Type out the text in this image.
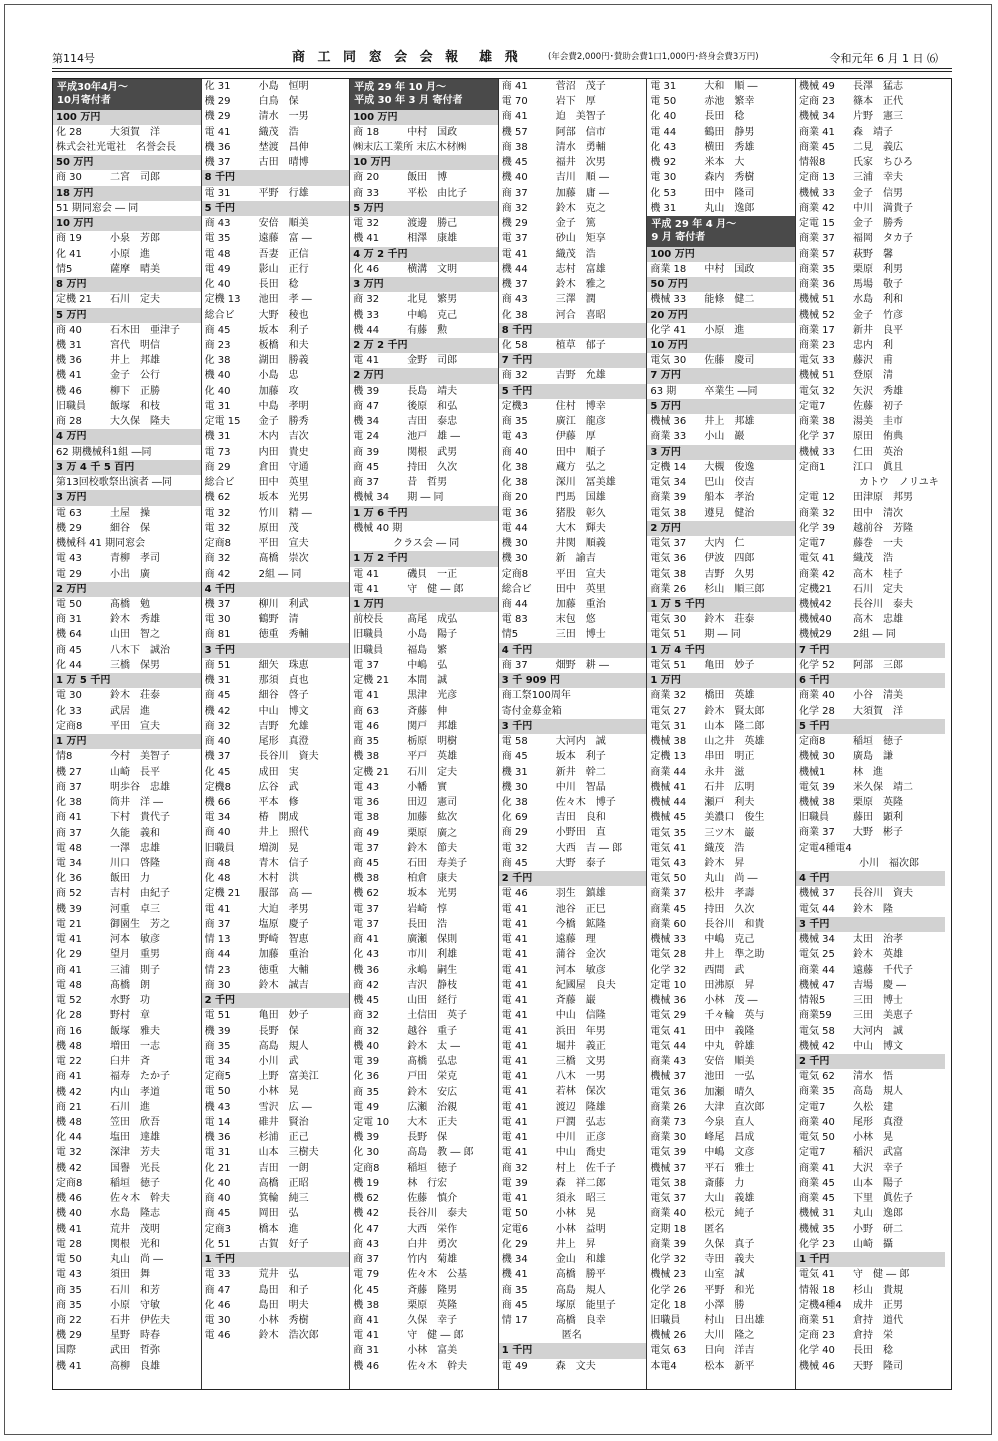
第114号	商 工 同 窓 会 会 報　雄 飛	(年会費2,000円･賛助会費1口1,000円･終身会費3万円)	令和元年 6 月 1 日 ⑹
平成30年4月〜
10月寄付者
100 万円
化 28	大須賀　洋
株式会社光電社　名誉会長
50 万円
商 30	二宮　司郎
18 万円
51 期同窓会 ― 同
10 万円
商 19	小泉　芳郎
化 41	小原　進
情5	薩摩　晴美
8 万円
定機 21	石川　定夫
5 万円
商 40	石木田　亜津子
機 31	宮代　明信
機 36	井上　邦雄
機 41	金子　公行
機 46	柳下　正勝
旧職員	飯塚　和枝
商 28	大久保　隆夫
4 万円
62 期機械科1組 ―同
3 万 4 千 5 百円
第13回校歌祭出演者 ―同
3 万円
電 63	土屋　操
機 29	細谷　保
機械科 41 期同窓会
電 43	青柳　孝司
電 29	小出　廣
2 万円
電 50	髙橋　勉
商 31	鈴木　秀雄
機 64	山田　智之
商 45	八木下　誠治
化 44	三橋　保男
1 万 5 千円
電 30	鈴木　荘泰
化 33	武居　進
定商8	平田　宣夫
1 万円
情8	今村　美智子
機 27	山崎　長平
商 37	明歩谷　忠雄
化 38	筒井　洋 ―
商 41	下村　貴代子
商 37	久能　義和
電 48	一澤　忠雄
電 34	川口　啓隆
化 36	飯田　力
商 52	吉村　由紀子
機 39	河重　卓三
電 21	御園生　芳之
電 41	河本　敏彦
化 29	望月　重男
商 41	三浦　則子
電 48	髙橋　朗
電 52	水野　功
化 28	野村　章
商 16	飯塚　雅夫
機 48	増田　一志
電 22	臼井　斉
商 41	福寿　たか子
機 42	内山　孝道
商 21	石川　進
機 48	笠田　欣吾
化 44	塩田　達雄
電 32	深津　芳夫
機 42	国譽　光長
定商8	稲垣　徳子
機 46	佐々木　幹夫
機 40	水島　隆志
機 41	荒井　茂明
電 28	関根　光和
電 50	丸山　尚 ―
電 43	須田　舞
商 35	石川　和芳
商 35	小原　守敏
商 22	石井　伊佐夫
機 29	星野　時春
国際	武田　哲弥
機 41	高柳　良雄
化 31	小島　恒明
機 29	白鳥　保
機 29	清水　一男
電 41	織茂　浩
機 36	埜渡　昌伸
機 37	古田　晴博
8 千円
電 31	平野　行雄
5 千円
商 43	安倍　順美
電 35	遠藤　富 ―
電 48	吾妻　正信
電 49	影山　正行
化 40	長田　稔
定機 13	池田　孝 ―
総合ビ	大野　稜也
商 45	坂本　利子
商 23	板橋　和夫
化 38	湖田　勝義
機 40	小島　忠
化 40	加藤　攻
電 31	中島　孝明
定電 15	金子　勝秀
機 31	木内　吉次
電 73	内田　貴史
商 29	倉田　守通
総合ビ	田中　英里
機 62	坂本　光男
電 32	竹川　精 ―
電 32	原田　茂
定商8	平田　宣夫
商 32	髙橋　崇次
商 42	2組 ― 同
4 千円
機 37	柳川　利武
電 30	鶴野　清
商 81	徳重　秀輔
3 千円
商 51	細矢　珠恵
機 31	那須　貞也
商 45	細谷　啓子
機 42	中山　博文
商 32	吉野　允雄
商 40	尾形　真澄
機 37	長谷川　資夫
化 45	成田　実
定機8	広谷　武
機 66	平本　修
電 34	椿　開成
商 40	井上　照代
旧職員	増渕　晃
商 48	青木　信子
化 48	木村　洪
定機 21	服部　高 ―
電 41	大迫　孝男
商 37	塩原　慶子
情 13	野崎　智恵
商 44	加藤　重治
情 23	徳重　大輔
商 30	鈴木　誠吉
2 千円
電 51	亀田　妙子
機 39	長野　保
商 35	高島　規人
電 34	小川　武
定商5	上野　富美江
電 50	小林　晃
機 43	雪沢　広 ―
電 14	碓井　賢治
機 36	杉浦　正己
電 31	山本　三樹夫
化 21	吉田　一朗
化 40	高橋　正昭
商 40	箕輪　純三
商 45	岡田　弘
定商3	橋本　進
化 51	古賀　好子
1 千円
電 33	荒井　弘
商 47	島田　和子
化 46	島田　明夫
電 30	小林　秀樹
電 46	鈴木　浩次郎
平成 29 年 10 月〜
平成 30 年 3 月 寄付者
100 万円
商 18	中村　国政
㈱末広工業所 末広木材㈱
10 万円
商 20	飯田　博
商 33	平松　由比子
5 万円
電 32	渡邊　勝己
機 41	相澤　康雄
4 万 2 千円
化 46	横溝　文明
3 万円
商 32	北見　繁男
機 33	中嶋　克己
機 44	有藤　勲
2 万 2 千円
電 41	金野　司郎
2 万円
機 39	長島　靖夫
商 47	後原　和弘
機 34	吉田　泰忠
電 24	池戸　雄 ―
商 39	関根　武男
商 45	持田　久次
商 37	昔　哲男
機械 34	期 ― 同
1 万 6 千円
機械 40 期
　　　　クラス会 ― 同
1 万 2 千円
電 41	磯貝　一正
電 41	守　健 ― 郎
1 万円
前校長	髙尾　成弘
旧職員	小島　陽子
旧職員	福島　繁
電 37	中嶋　弘
定機 21	本間　誠
電 41	黒津　光彦
商 63	斉藤　伸
電 46	関戸　邦雄
商 35	栃原　明樹
機 38	平戸　英雄
定機 21	石川　定夫
電 43	小幡　實
電 36	田辺　憲司
電 38	加藤　紘次
商 49	栗原　廣之
電 37	鈴木　節夫
商 45	石田　寿美子
機 38	柏倉　康夫
機 62	坂本　光男
電 37	岩崎　惇
電 37	長田　浩
商 41	廣瀬　保則
化 43	市川　利雄
機 36	永嶋　嗣生
商 42	吉沢　静枝
機 45	山田　経行
商 32	土信田　英子
商 32	越谷　重子
機 40	鈴木　太 ―
電 39	髙橋　弘忠
化 36	戸田　栄克
商 35	鈴木　安広
電 49	広瀬　治親
定電 10	大木　正夫
機 39	長野　保
化 30	高島　教 ― 郎
定商8	稲垣　徳子
機 19	林　行宏
機 62	佐藤　慎介
機 42	長谷川　泰夫
化 47	大西　栄作
商 43	白井　勇次
商 37	竹内　菊雄
電 79	佐々木　公基
化 45	斉藤　隆男
機 38	栗原　英隆
商 41	久保　幸子
電 41	守　健 ― 郎
商 31	小林　富美
機 46	佐々木　幹夫
商 41	菅沼　茂子
電 70	岩下　厚
商 41	迫　美智子
機 57	阿部　信市
商 38	清水　勇輔
機 45	福井　次男
機 40	吉川　順 ―
商 37	加藤　庸 ―
商 32	鈴木　克之
機 29	金子　篤
電 37	砂山　矩享
電 41	織茂　浩
機 44	志村　富雄
機 37	鈴木　雅之
商 43	三澤　潤
化 38	河合　喜昭
8 千円
化 58	植草　郁子
7 千円
商 32	吉野　允雄
5 千円
定機3	住村　博幸
商 35	廣江　龍彦
電 43	伊藤　厚
商 40	田中　順子
化 38	蔵方　弘之
化 38	深川　冨美雄
商 20	門馬　国雄
電 36	猪股　彰久
電 44	大木　輝夫
機 30	井関　順義
機 30	新　諭吉
定商8	平田　宣夫
総合ビ	田中　英里
商 44	加藤　重治
電 83	末包　悠
情5	三田　博士
4 千円
商 37	畑野　耕 ―
3 千 909 円
商工祭100周年
寄付金募金箱
3 千円
電 58	大河内　誠
商 45	坂本　利子
機 31	新井　幹二
機 30	中川　智晶
化 38	佐々木　博子
化 69	吉田　良和
商 29	小野田　直
電 32	大西　吉 ― 郎
商 45	大野　泰子
2 千円
電 46	羽生　鎮雄
電 41	池谷　正巳
電 41	今橋　鉱隆
電 41	遠藤　理
電 41	蒲谷　金次
電 41	河本　敏彦
電 41	紀國屋　良夫
電 41	斉藤　巌
電 41	中山　信隆
電 41	浜田　年男
電 41	堀井　義正
電 41	三橋　文男
電 41	八木　一男
電 41	若林　保次
電 41	渡辺　隆雄
電 41	戸潤　弘志
電 41	中川　正彦
電 41	中山　喬史
商 32	村上　佐千子
電 39	森　祥二郎
電 41	須永　昭三
電 50	小林　晃
定電6	小林　益明
化 29	井上　昇
機 34	金山　和雄
機 41	高橋　勝平
商 35	高島　規人
商 45	塚原　能里子
情 17	高橋　良幸
　　　　　　匿名
1 千円
電 49	森　文夫
電 31	大和　順 ―
電 50	赤池　繁幸
化 40	長田　稔
電 44	鶴田　静男
化 43	横田　秀雄
機 92	米本　大
電 30	森内　秀樹
化 53	田中　隆司
機 31	丸山　逸郎
平成 29 年 4 月〜
9 月 寄付者
100 万円
商業 18	中村　国政
50 万円
機械 33	能條　健二
20 万円
化学 41	小原　進
10 万円
電気 30	佐藤　慶司
7 万円
63 期	卒業生 ―同
5 万円
機械 36	井上　邦雄
商業 33	小山　巖
3 万円
定機 14	大槻　俊逸
電気 34	巴山　佼吉
商業 39	船本　孝治
電気 38	遵見　健治
2 万円
電気 37	大内　仁
電気 36	伊波　四郎
電気 38	吉野　久男
商業 26	杉山　順三郎
1 万 5 千円
電気 30	鈴木　荘泰
電気 51	期 ― 同
1 万 4 千円
電気 51	亀田　妙子
1 万円
商業 32	橋田　英雄
電気 27	鈴木　賢太郎
電気 31	山本　隆二郎
機械 38	山之井　英雄
定機 13	串田　明正
商業 44	永井　滋
機械 41	石井　広明
機械 44	瀬戸　利夫
機械 45	美濃口　俊生
電気 35	三ツ木　巌
電気 41	織茂　浩
電気 43	鈴木　昇
電気 50	丸山　尚 ―
商業 37	松井　孝壽
商業 45	持田　久次
商業 60	長谷川　和貴
機械 33	中嶋　克己
電気 28	井上　準之助
化学 32	西間　武
定電 10	田沸原　昇
機械 36	小林　茂 ―
電気 29	千々輪　英与
電気 41	田中　義隆
電気 44	中丸　幹雄
商業 43	安倍　順美
機械 37	池田　一弘
電気 36	加瀬　晴久
商業 26	大津　直次郎
商業 73	今泉　直人
商業 30	峰尾　昌成
電気 39	中嶋　文彦
機械 37	平石　雅士
電気 38	斎藤　力
電気 37	大山　義雄
商業 40	松元　純子
定期 18	匿名
商業 39	久保　真子
化学 32	寺田　義夫
機械 23	山室　誠
化学 26	平野　和光
定化 18	小澤　勝
旧職員	村山　日出雄
機械 26	大川　隆之
電気 63	日向　洋吉
本電4	松本　新平
機械 49	長澤　猛志
定商 23	篠本　正代
機械 34	片野　憲三
商業 41	森　靖子
商業 45	二見　義広
情報8	氏家　ちひろ
定商 13	三浦　幸夫
機械 33	金子　信男
商業 42	中川　満貴子
定電 15	金子　勝秀
商業 37	福岡　タカ子
商業 57	萩野　馨
商業 35	栗原　利男
商業 36	馬場　敬子
機械 51	水島　利和
機械 52	金子　竹彦
商業 17	新井　良平
商業 23	忠内　利
電気 33	藤沢　甫
機械 51	登原　清
電気 32	矢沢　秀雄
定電7	佐藤　初子
商業 38	湯美　圭市
化学 37	原田　侑典
機械 33	仁田　英治
定商1	江口　眞且
　　　　　　カトウ　ノリユキ
定電 12	田津原　邦男
商業 32	田中　清次
化学 39	越前谷　芳隆
定電7	藤巻　一夫
電気 41	織茂　浩
商業 42	高木　桂子
定機21	石川　定夫
機械42	長谷川　泰夫
機械40	高木　忠雄
機械29	2組 ― 同
7 千円
化学 52	阿部　三郎
6 千円
商業 40	小谷　清美
化学 28	大須賀　洋
5 千円
定商8	稲垣　徳子
機械 30	廣島　謙
機械1	林　進
電気 39	米久保　靖二
機械 38	栗原　英隆
旧職員	藤田　顕利
商業 37	大野　彬子
定電4種電4
　　　　　　小川　福次郎
4 千円
機械 37	長谷川　資夫
電気 44	鈴木　隆
3 千円
機械 34	太田　治孝
電気 25	鈴木　英雄
商業 44	遠藤　千代子
機械 47	吉場　慶 ―
情報5	三田　博士
商業59	三田　美恵子
電気 58	大河内　誠
機械 42	中山　博文
2 千円
電気 62	清水　悟
商業 35	高島　規人
定電7	久松　建
商業 40	尾形　真澄
電気 50	小林　晃
定電7	稲沢　武富
商業 41	大沢　幸子
商業 45	山本　陽子
商業 45	下里　眞佐子
機械 31	丸山　逸郎
機械 35	小野　研二
化学 23	山崎　攝
1 千円
電気 41	守　健 ― 郎
情報 18	杉山　貴規
定機4種4	成井　正男
商業 51	倉持　道代
定商 23	倉持　栄
化学 40	長田　稔
機械 46	天野　隆司
